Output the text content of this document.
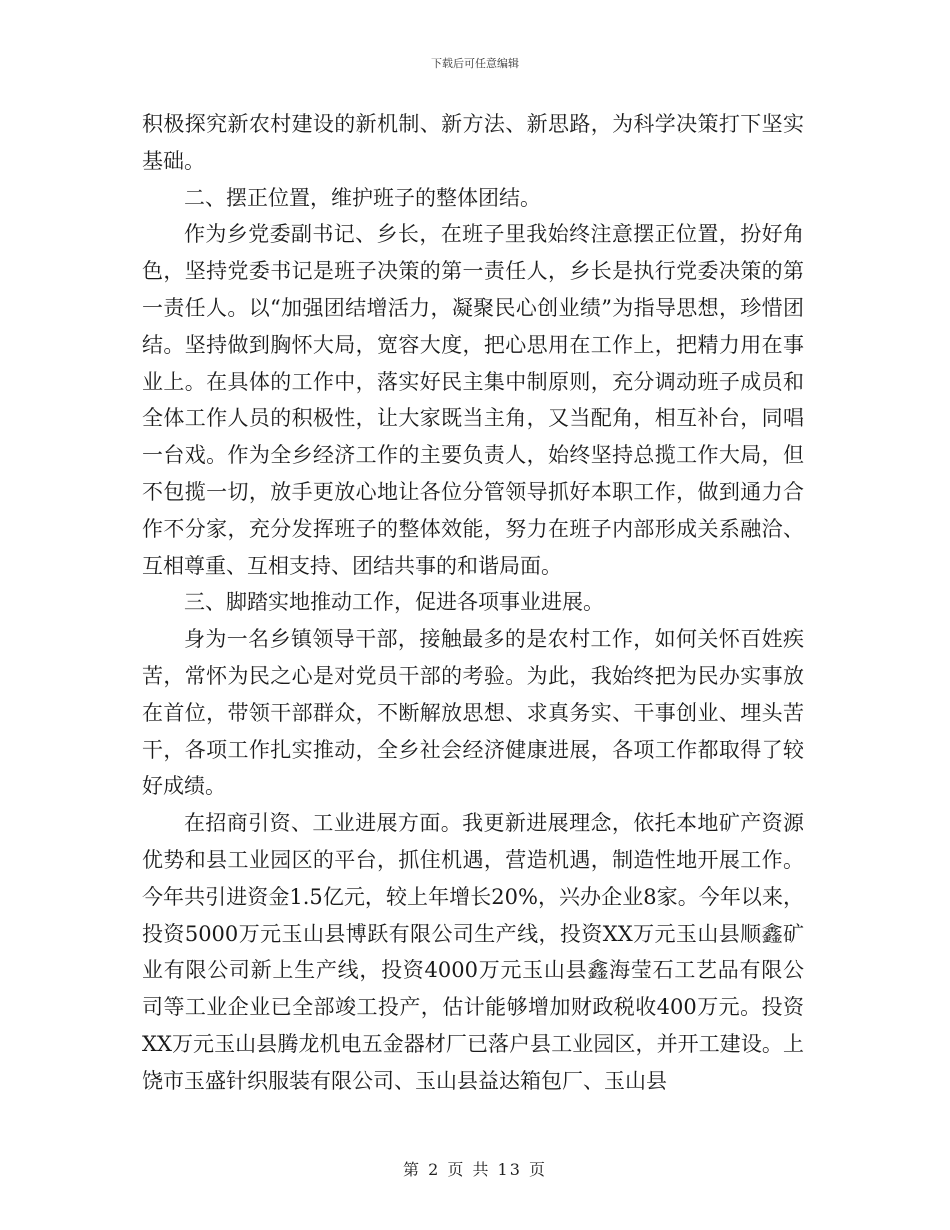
下载后可任意编辑

积极探究新农村建设的新机制、新方法、新思路，为科学决策打下坚实基础。

二、摆正位置，维护班子的整体团结。

作为乡党委副书记、乡长，在班子里我始终注意摆正位置，扮好角色，坚持党委书记是班子决策的第一责任人，乡长是执行党委决策的第一责任人。以“加强团结增活力，凝聚民心创业绩”为指导思想，珍惜团结。坚持做到胸怀大局，宽容大度，把心思用在工作上，把精力用在事业上。在具体的工作中，落实好民主集中制原则，充分调动班子成员和全体工作人员的积极性，让大家既当主角，又当配角，相互补台，同唱一台戏。作为全乡经济工作的主要负责人，始终坚持总揽工作大局，但不包揽一切，放手更放心地让各位分管领导抓好本职工作，做到通力合作不分家，充分发挥班子的整体效能，努力在班子内部形成关系融洽、互相尊重、互相支持、团结共事的和谐局面。

三、脚踏实地推动工作，促进各项事业进展。

身为一名乡镇领导干部，接触最多的是农村工作，如何关怀百姓疾苦，常怀为民之心是对党员干部的考验。为此，我始终把为民办实事放在首位，带领干部群众，不断解放思想、求真务实、干事创业、埋头苦干，各项工作扎实推动，全乡社会经济健康进展，各项工作都取得了较好成绩。

在招商引资、工业进展方面。我更新进展理念，依托本地矿产资源优势和县工业园区的平台，抓住机遇，营造机遇，制造性地开展工作。今年共引进资金1.5亿元，较上年增长20%，兴办企业8家。今年以来，投资5000万元玉山县博跃有限公司生产线，投资XX万元玉山县顺鑫矿业有限公司新上生产线，投资4000万元玉山县鑫海莹石工艺品有限公司等工业企业已全部竣工投产，估计能够增加财政税收400万元。投资XX万元玉山县腾龙机电五金器材厂已落户县工业园区，并开工建设。上饶市玉盛针织服装有限公司、玉山县益达箱包厂、玉山县

第 2 页 共 13 页
